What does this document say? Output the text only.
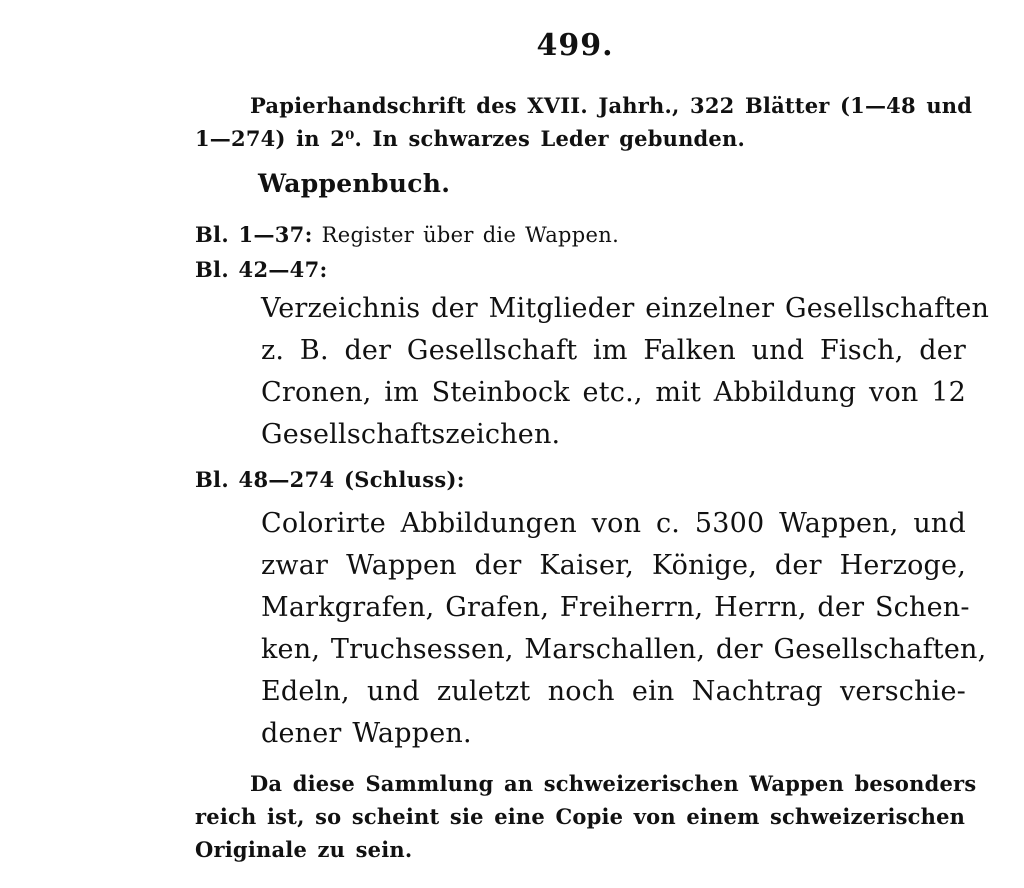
499.
Papierhandschrift des XVII. Jahrh., 322 Blätter (1—48 und
1—274) in 2⁰. In schwarzes Leder gebunden.
Wappenbuch.
Bl. 1—37: Register über die Wappen.
Bl. 42—47:
Verzeichnis der Mitglieder einzelner Gesellschaften
z. B. der Gesellschaft im Falken und Fisch, der
Cronen, im Steinbock etc., mit Abbildung von 12
Gesellschaftszeichen.
Bl. 48—274 (Schluss):
Colorirte Abbildungen von c. 5300 Wappen, und
zwar Wappen der Kaiser, Könige, der Herzoge,
Markgrafen, Grafen, Freiherrn, Herrn, der Schen-
ken, Truchsessen, Marschallen, der Gesellschaften,
Edeln, und zuletzt noch ein Nachtrag verschie-
dener Wappen.
Da diese Sammlung an schweizerischen Wappen besonders
reich ist, so scheint sie eine Copie von einem schweizerischen
Originale zu sein.
